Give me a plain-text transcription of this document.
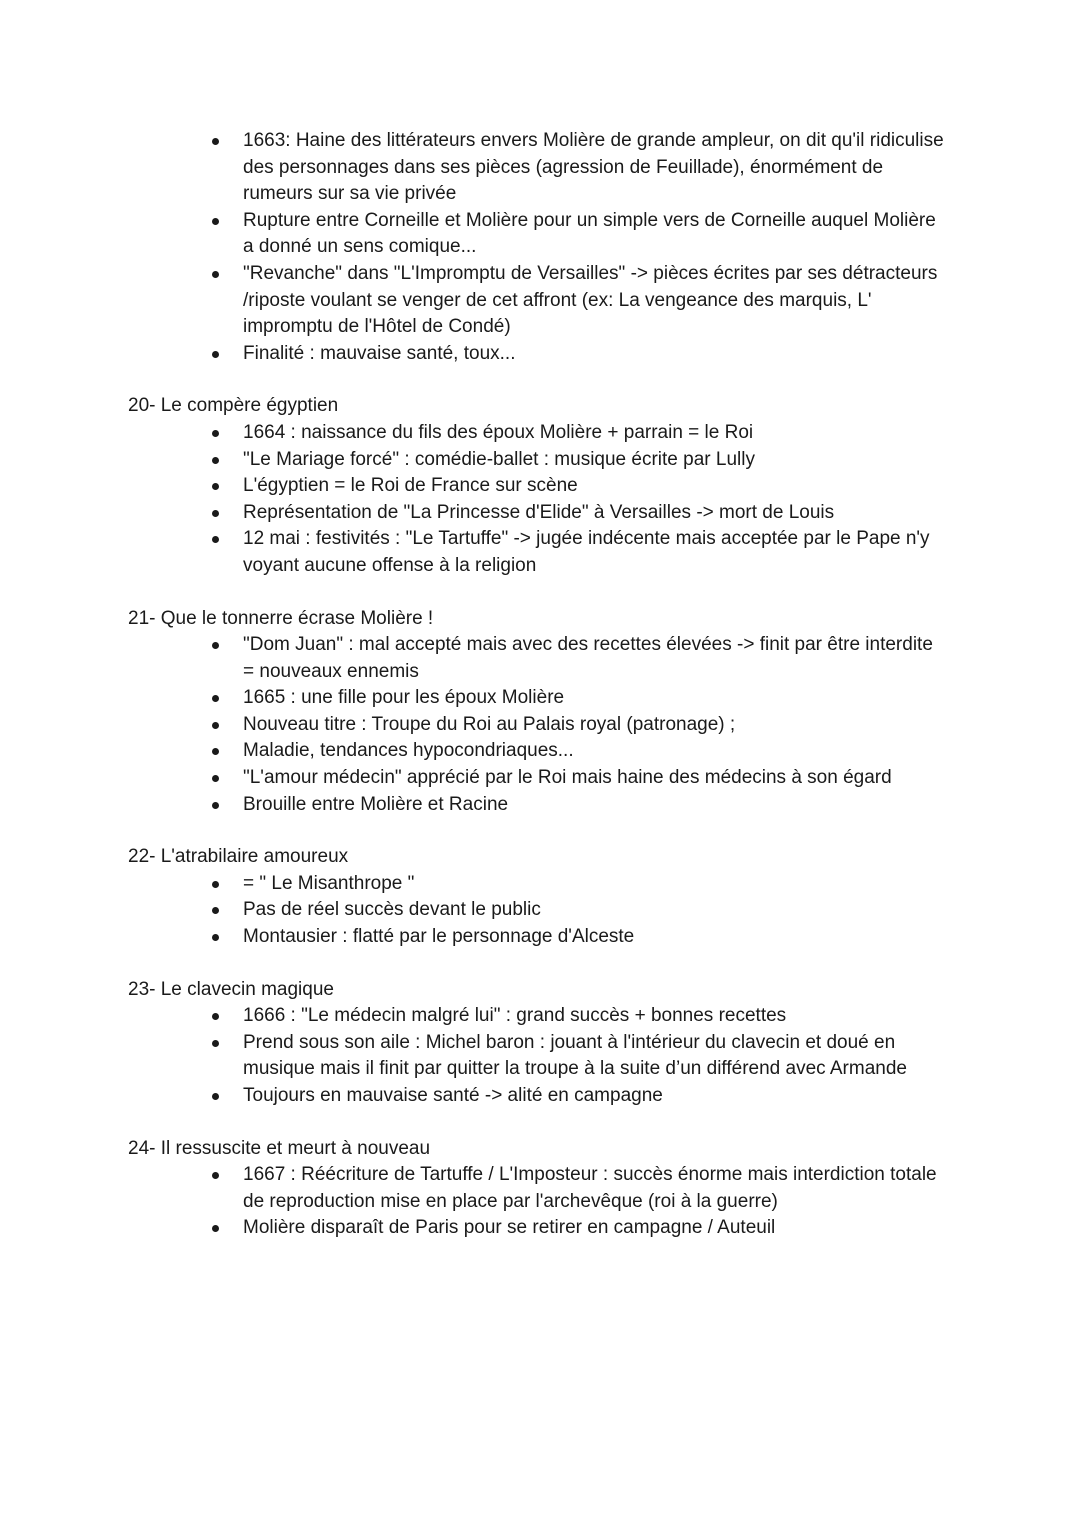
1663: Haine des littérateurs envers Molière de grande ampleur, on dit qu'il ridiculise des personnages dans ses pièces (agression de Feuillade), énormément de rumeurs sur sa vie privée
Rupture entre Corneille et Molière pour un simple vers de Corneille auquel Molière a donné un sens comique...
"Revanche" dans "L'Impromptu de Versailles" -> pièces écrites par ses détracteurs /riposte voulant se venger de cet affront (ex: La vengeance des marquis, L' impromptu de l'Hôtel de Condé)
Finalité : mauvaise santé, toux...

20- Le compère égyptien

1664 : naissance du fils des époux Molière + parrain = le Roi
"Le Mariage forcé" : comédie-ballet : musique écrite par Lully
L'égyptien = le Roi de France sur scène
Représentation de "La Princesse d'Elide" à Versailles -> mort de Louis
12 mai : festivités : "Le Tartuffe" -> jugée indécente mais acceptée par le Pape n'y voyant aucune offense à la religion

21- Que le tonnerre écrase Molière !

"Dom Juan" : mal accepté mais avec des recettes élevées -> finit par être interdite = nouveaux ennemis
1665 : une fille pour les époux Molière
Nouveau titre : Troupe du Roi au Palais royal (patronage) ;
Maladie, tendances hypocondriaques...
"L'amour médecin" apprécié par le Roi mais haine des médecins à son égard
Brouille entre Molière et Racine

22- L'atrabilaire amoureux

= " Le Misanthrope "
Pas de réel succès devant le public
Montausier : flatté par le personnage d'Alceste

23- Le clavecin magique

1666 : "Le médecin malgré lui" : grand succès + bonnes recettes
Prend sous son aile : Michel baron : jouant à l'intérieur du clavecin et doué en musique mais il finit par quitter la troupe à la suite d’un différend avec Armande
Toujours en mauvaise santé -> alité en campagne

24- Il ressuscite et meurt à nouveau

1667 : Réécriture de Tartuffe / L'Imposteur : succès énorme mais interdiction totale de reproduction mise en place par l'archevêque (roi à la guerre)
Molière disparaît de Paris pour se retirer en campagne / Auteuil
